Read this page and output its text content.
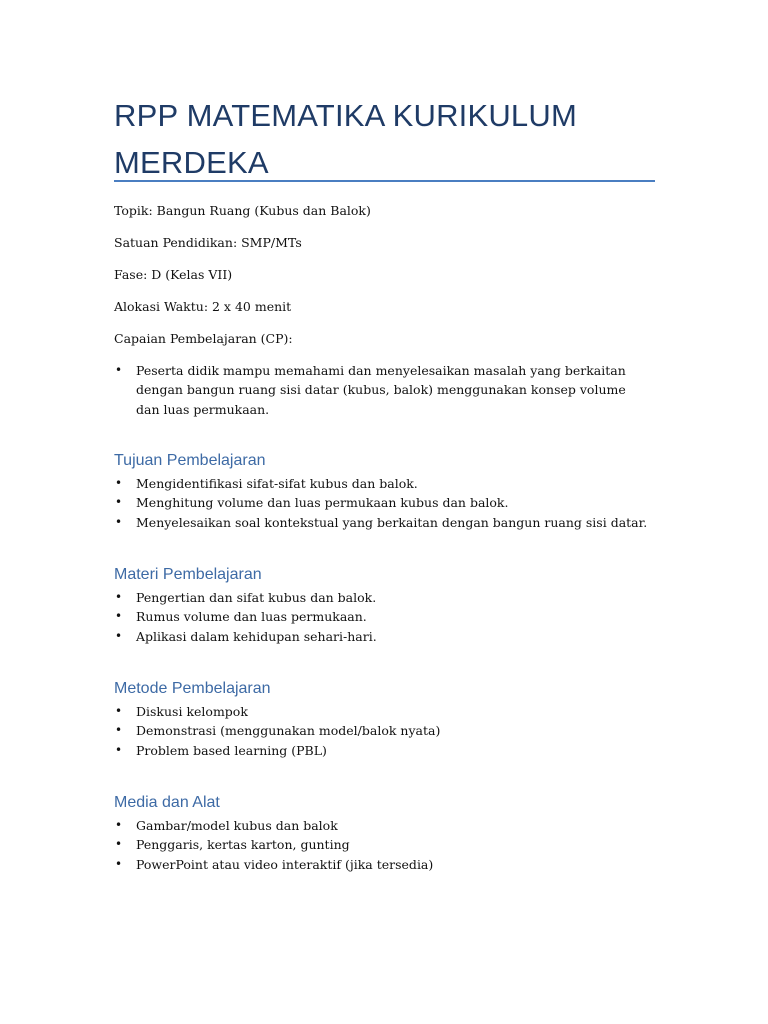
RPP MATEMATIKA KURIKULUM MERDEKA

Topik: Bangun Ruang (Kubus dan Balok)

Satuan Pendidikan: SMP/MTs

Fase: D (Kelas VII)

Alokasi Waktu: 2 x 40 menit

Capaian Pembelajaran (CP):

• Peserta didik mampu memahami dan menyelesaikan masalah yang berkaitan dengan bangun ruang sisi datar (kubus, balok) menggunakan konsep volume dan luas permukaan.
Tujuan Pembelajaran
• Mengidentifikasi sifat-sifat kubus dan balok.
• Menghitung volume dan luas permukaan kubus dan balok.
• Menyelesaikan soal kontekstual yang berkaitan dengan bangun ruang sisi datar.
Materi Pembelajaran
• Pengertian dan sifat kubus dan balok.
• Rumus volume dan luas permukaan.
• Aplikasi dalam kehidupan sehari-hari.
Metode Pembelajaran
• Diskusi kelompok
• Demonstrasi (menggunakan model/balok nyata)
• Problem based learning (PBL)
Media dan Alat
• Gambar/model kubus dan balok
• Penggaris, kertas karton, gunting
• PowerPoint atau video interaktif (jika tersedia)
